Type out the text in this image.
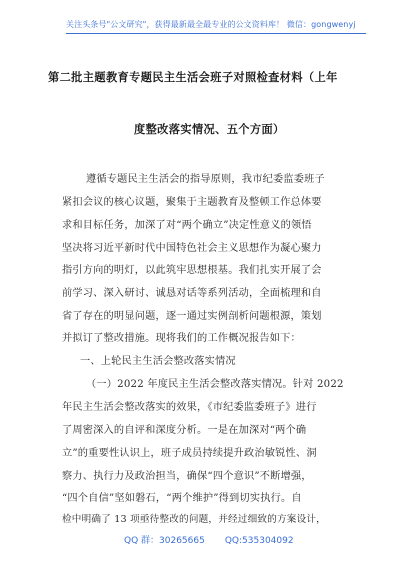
关注头条号"公文研究"，获得最新最全最专业的公文资料库！ 微信：gongwenyj
第二批主题教育专题民主生活会班子对照检查材料（上年
度整改落实情况、五个方面）
遵循专题民主生活会的指导原则，我市纪委监委班子
紧扣会议的核心议题，聚集于主题教育及整顿工作总体要
求和目标任务，加深了对“两个确立”决定性意义的领悟
坚决将习近平新时代中国特色社会主义思想作为凝心聚力
指引方向的明灯，以此筑牢思想根基。我们扎实开展了会
前学习、深入研讨、诚恳对话等系列活动，全面梳理和自
省了存在的明显问题，逐一通过实例剖析问题根源，策划
并拟订了整改措施。现将我们的工作概况报告如下：
一、上轮民主生活会整改落实情况
（一）2022 年度民主生活会整改落实情况。针对 2022
年民主生活会整改落实的效果，《市纪委监委班子》进行
了周密深入的自评和深度分析。一是在加深对“两个确
立”的重要性认识上，班子成员持续提升政治敏锐性、洞
察力、执行力及政治担当，确保“四个意识”不断增强，
“四个自信”坚如磐石，“两个维护”得到切实执行。自
检中明确了 13 项亟待整改的问题，并经过细致的方案设计，
QQ 群：30265665 QQ:535304092
